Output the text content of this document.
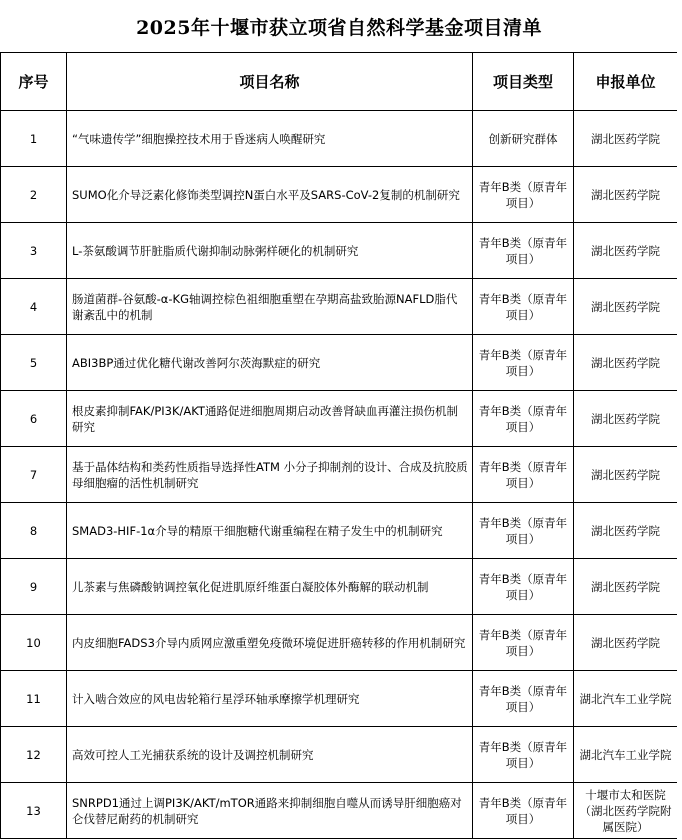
2025年十堰市获立项省自然科学基金项目清单			
序号	项目名称	项目类型	申报单位
1	“气味遗传学”细胞操控技术用于昏迷病人唤醒研究	创新研究群体	湖北医药学院
2	SUMO化介导泛素化修饰类型调控N蛋白水平及SARS-CoV-2复制的机制研究	青年B类（原青年项目）	湖北医药学院
3	L-茶氨酸调节肝脏脂质代谢抑制动脉粥样硬化的机制研究	青年B类（原青年项目）	湖北医药学院
4	肠道菌群-谷氨酸-α-KG轴调控棕色祖细胞重塑在孕期高盐致胎源NAFLD脂代谢紊乱中的机制	青年B类（原青年项目）	湖北医药学院
5	ABI3BP通过优化糖代谢改善阿尔茨海默症的研究	青年B类（原青年项目）	湖北医药学院
6	根皮素抑制FAK/PI3K/AKT通路促进细胞周期启动改善肾缺血再灌注损伤机制研究	青年B类（原青年项目）	湖北医药学院
7	基于晶体结构和类药性质指导选择性ATM 小分子抑制剂的设计、合成及抗胶质母细胞瘤的活性机制研究	青年B类（原青年项目）	湖北医药学院
8	SMAD3-HIF-1α介导的精原干细胞糖代谢重编程在精子发生中的机制研究	青年B类（原青年项目）	湖北医药学院
9	儿茶素与焦磷酸钠调控氧化促进肌原纤维蛋白凝胶体外酶解的联动机制	青年B类（原青年项目）	湖北医药学院
10	内皮细胞FADS3介导内质网应激重塑免疫微环境促进肝癌转移的作用机制研究	青年B类（原青年项目）	湖北医药学院
11	计入啮合效应的风电齿轮箱行星浮环轴承摩擦学机理研究	青年B类（原青年项目）	湖北汽车工业学院
12	高效可控人工光捕获系统的设计及调控机制研究	青年B类（原青年项目）	湖北汽车工业学院
13	SNRPD1通过上调PI3K/AKT/mTOR通路来抑制细胞自噬从而诱导肝细胞癌对仑伐替尼耐药的机制研究	青年B类（原青年项目）	十堰市太和医院（湖北医药学院附属医院）
